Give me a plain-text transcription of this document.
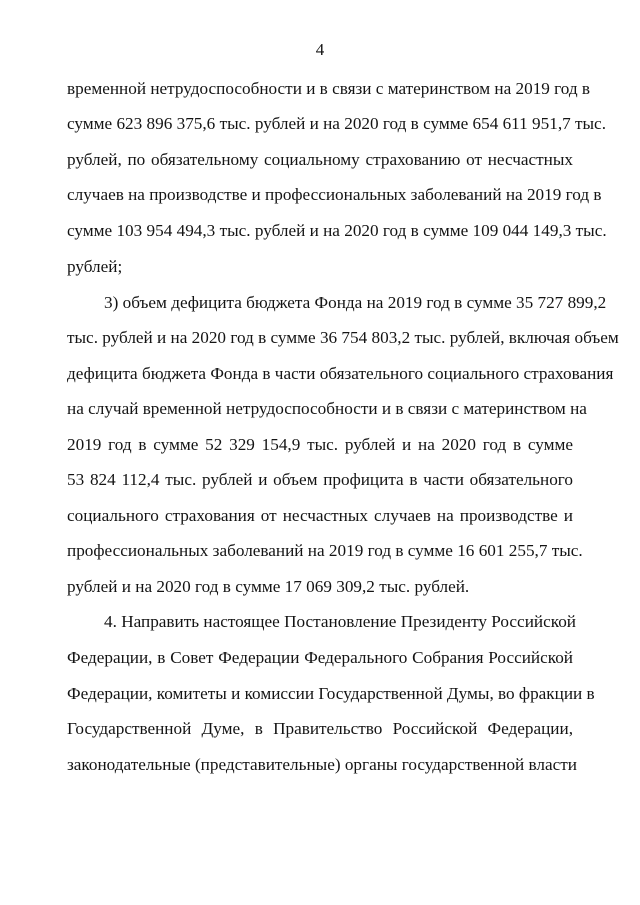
4
временной нетрудоспособности и в связи с материнством на 2019 год в
сумме 623 896 375,6 тыс. рублей и на 2020 год в сумме 654 611 951,7 тыс.
рублей, по обязательному социальному страхованию от несчастных
случаев на производстве и профессиональных заболеваний на 2019 год в
сумме 103 954 494,3 тыс. рублей и на 2020 год в сумме 109 044 149,3 тыс.
рублей;
3) объем дефицита бюджета Фонда на 2019 год в сумме 35 727 899,2
тыс. рублей и на 2020 год в сумме 36 754 803,2 тыс. рублей, включая объем
дефицита бюджета Фонда в части обязательного социального страхования
на случай временной нетрудоспособности и в связи с материнством на
2019 год в сумме 52 329 154,9 тыс. рублей и на 2020 год в сумме
53 824 112,4 тыс. рублей и объем профицита в части обязательного
социального страхования от несчастных случаев на производстве и
профессиональных заболеваний на 2019 год в сумме 16 601 255,7 тыс.
рублей и на 2020 год в сумме 17 069 309,2 тыс. рублей.
4. Направить настоящее Постановление Президенту Российской
Федерации, в Совет Федерации Федерального Собрания Российской
Федерации, комитеты и комиссии Государственной Думы, во фракции в
Государственной Думе, в Правительство Российской Федерации,
законодательные (представительные) органы государственной власти
